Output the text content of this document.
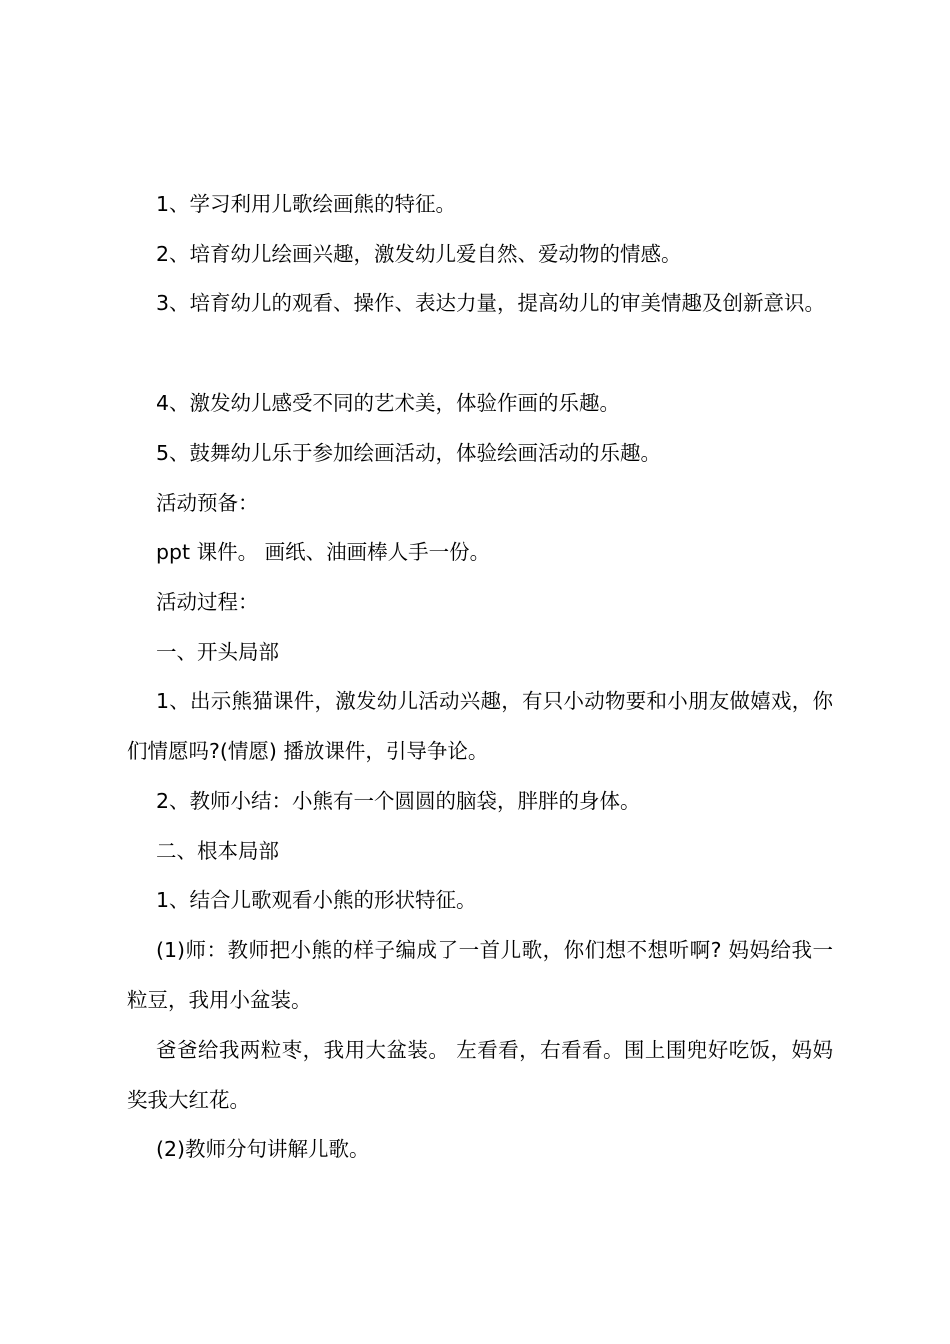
1、学习利用儿歌绘画熊的特征。

2、培育幼儿绘画兴趣，激发幼儿爱自然、爱动物的情感。

3、培育幼儿的观看、操作、表达力量，提高幼儿的审美情趣及创新意识。

4、激发幼儿感受不同的艺术美，体验作画的乐趣。

5、鼓舞幼儿乐于参加绘画活动，体验绘画活动的乐趣。

活动预备：

ppt 课件。 画纸、油画棒人手一份。

活动过程：

一、开头局部

1、出示熊猫课件，激发幼儿活动兴趣，有只小动物要和小朋友做嬉戏，你们情愿吗?(情愿) 播放课件，引导争论。

2、教师小结：小熊有一个圆圆的脑袋，胖胖的身体。

二、根本局部

1、结合儿歌观看小熊的形状特征。

(1)师：教师把小熊的样子编成了一首儿歌，你们想不想听啊? 妈妈给我一粒豆，我用小盆装。

爸爸给我两粒枣，我用大盆装。 左看看，右看看。围上围兜好吃饭，妈妈奖我大红花。

(2)教师分句讲解儿歌。
